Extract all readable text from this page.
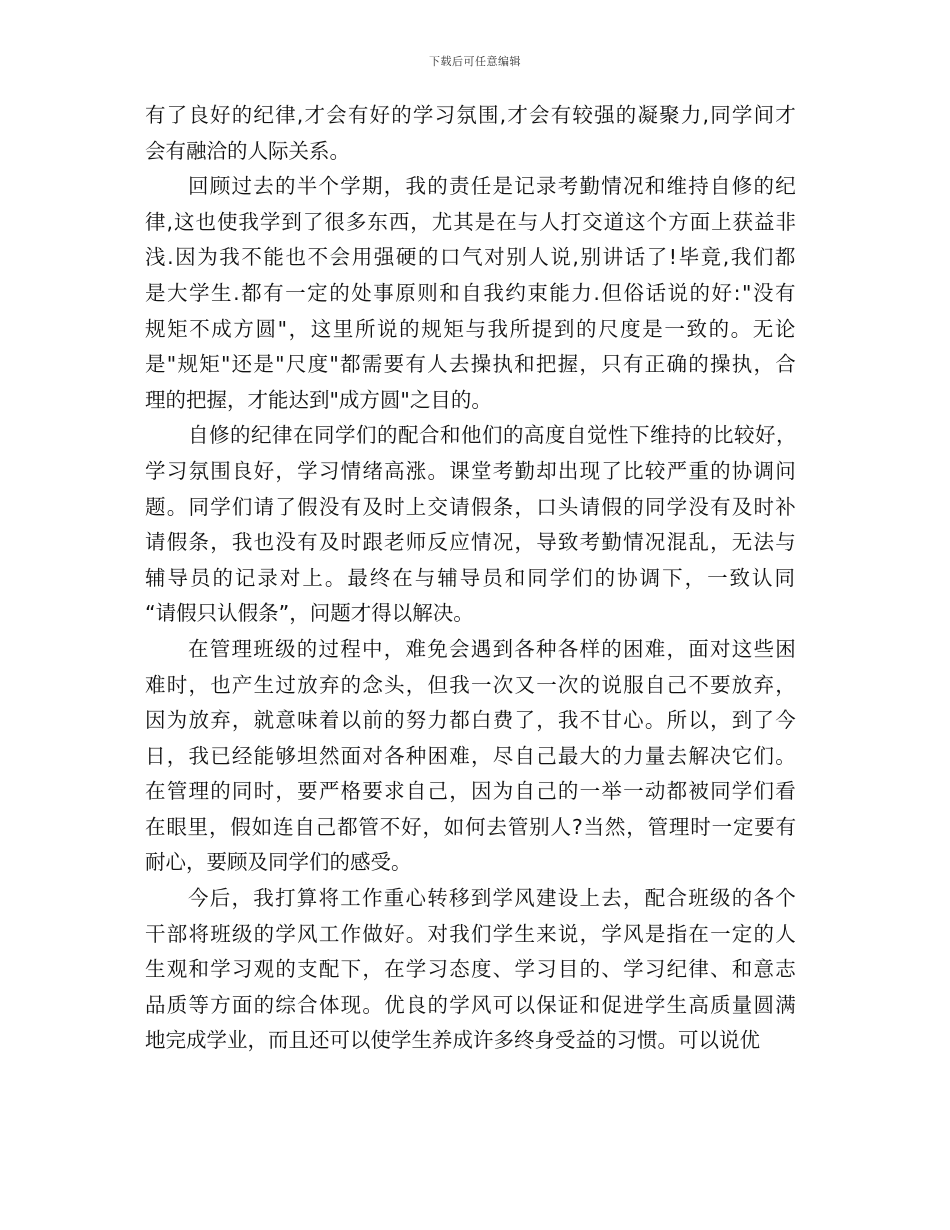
下载后可任意编辑
有了良好的纪律,才会有好的学习氛围,才会有较强的凝聚力,同学间才
会有融洽的人际关系。
回顾过去的半个学期，我的责任是记录考勤情况和维持自修的纪
律,这也使我学到了很多东西，尤其是在与人打交道这个方面上获益非
浅.因为我不能也不会用强硬的口气对别人说,别讲话了!毕竟,我们都
是大学生.都有一定的处事原则和自我约束能力.但俗话说的好:"没有
规矩不成方圆"，这里所说的规矩与我所提到的尺度是一致的。无论
是"规矩"还是"尺度"都需要有人去操执和把握，只有正确的操执，合
理的把握，才能达到"成方圆"之目的。
自修的纪律在同学们的配合和他们的高度自觉性下维持的比较好，
学习氛围良好，学习情绪高涨。课堂考勤却出现了比较严重的协调问
题。同学们请了假没有及时上交请假条，口头请假的同学没有及时补
请假条，我也没有及时跟老师反应情况，导致考勤情况混乱，无法与
辅导员的记录对上。最终在与辅导员和同学们的协调下，一致认同
“请假只认假条”，问题才得以解决。
在管理班级的过程中，难免会遇到各种各样的困难，面对这些困
难时，也产生过放弃的念头，但我一次又一次的说服自己不要放弃，
因为放弃，就意味着以前的努力都白费了，我不甘心。所以，到了今
日，我已经能够坦然面对各种困难，尽自己最大的力量去解决它们。
在管理的同时，要严格要求自己，因为自己的一举一动都被同学们看
在眼里，假如连自己都管不好，如何去管别人?当然，管理时一定要有
耐心，要顾及同学们的感受。
今后，我打算将工作重心转移到学风建设上去，配合班级的各个
干部将班级的学风工作做好。对我们学生来说，学风是指在一定的人
生观和学习观的支配下，在学习态度、学习目的、学习纪律、和意志
品质等方面的综合体现。优良的学风可以保证和促进学生高质量圆满
地完成学业，而且还可以使学生养成许多终身受益的习惯。可以说优
